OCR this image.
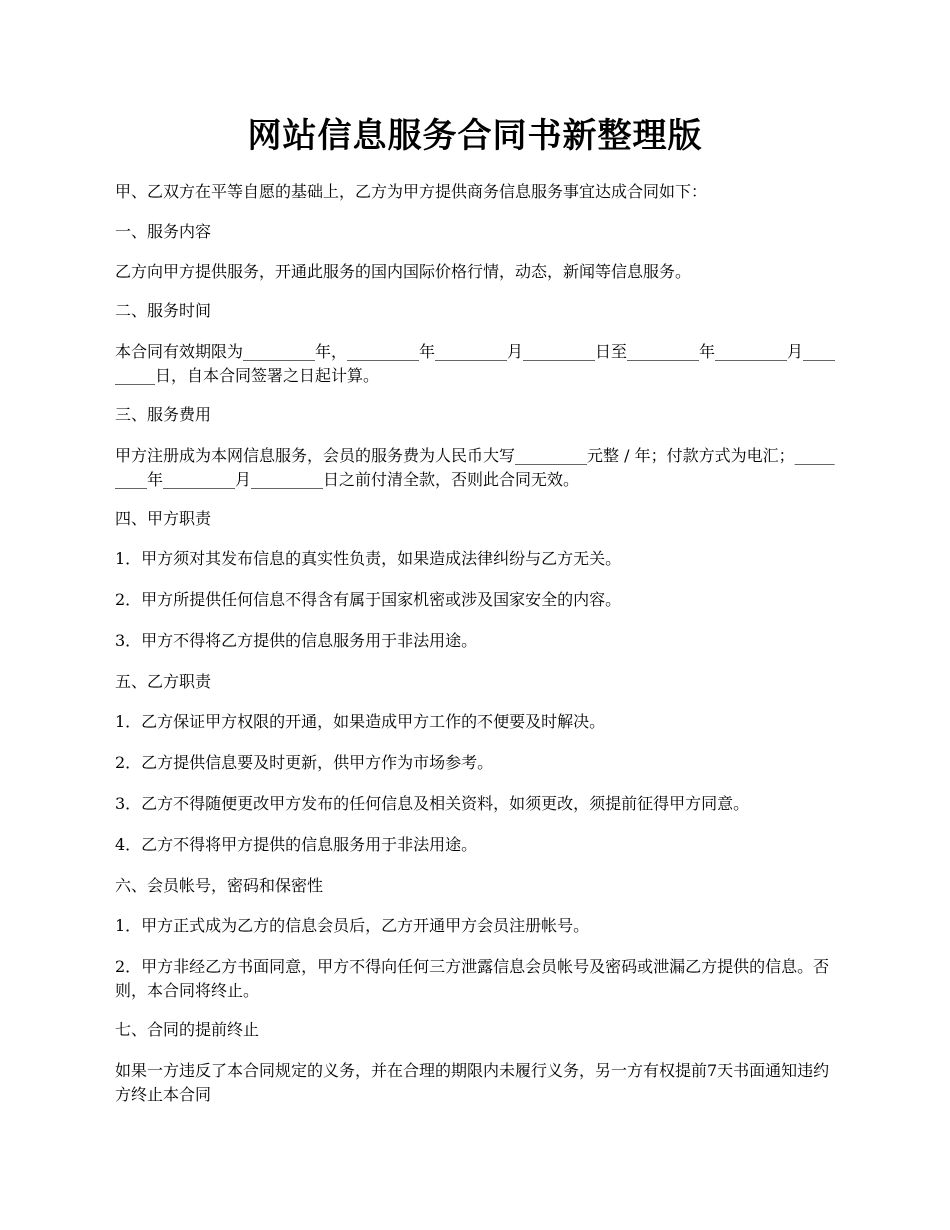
网站信息服务合同书新整理版
甲、乙双方在平等自愿的基础上，乙方为甲方提供商务信息服务事宜达成合同如下：
一、服务内容
乙方向甲方提供服务，开通此服务的国内国际价格行情，动态，新闻等信息服务。
二、服务时间
本合同有效期限为_________年，_________年_________月_________日至_________年_________月_________日，自本合同签署之日起计算。
三、服务费用
甲方注册成为本网信息服务，会员的服务费为人民币大写_________元整 / 年；付款方式为电汇；_________年_________月_________日之前付清全款，否则此合同无效。
四、甲方职责
1．甲方须对其发布信息的真实性负责，如果造成法律纠纷与乙方无关。
2．甲方所提供任何信息不得含有属于国家机密或涉及国家安全的内容。
3．甲方不得将乙方提供的信息服务用于非法用途。
五、乙方职责
1．乙方保证甲方权限的开通，如果造成甲方工作的不便要及时解决。
2．乙方提供信息要及时更新，供甲方作为市场参考。
3．乙方不得随便更改甲方发布的任何信息及相关资料，如须更改，须提前征得甲方同意。
4．乙方不得将甲方提供的信息服务用于非法用途。
六、会员帐号，密码和保密性
1．甲方正式成为乙方的信息会员后，乙方开通甲方会员注册帐号。
2．甲方非经乙方书面同意，甲方不得向任何三方泄露信息会员帐号及密码或泄漏乙方提供的信息。否则，本合同将终止。
七、合同的提前终止
如果一方违反了本合同规定的义务，并在合理的期限内未履行义务，另一方有权提前7天书面通知违约方终止本合同
